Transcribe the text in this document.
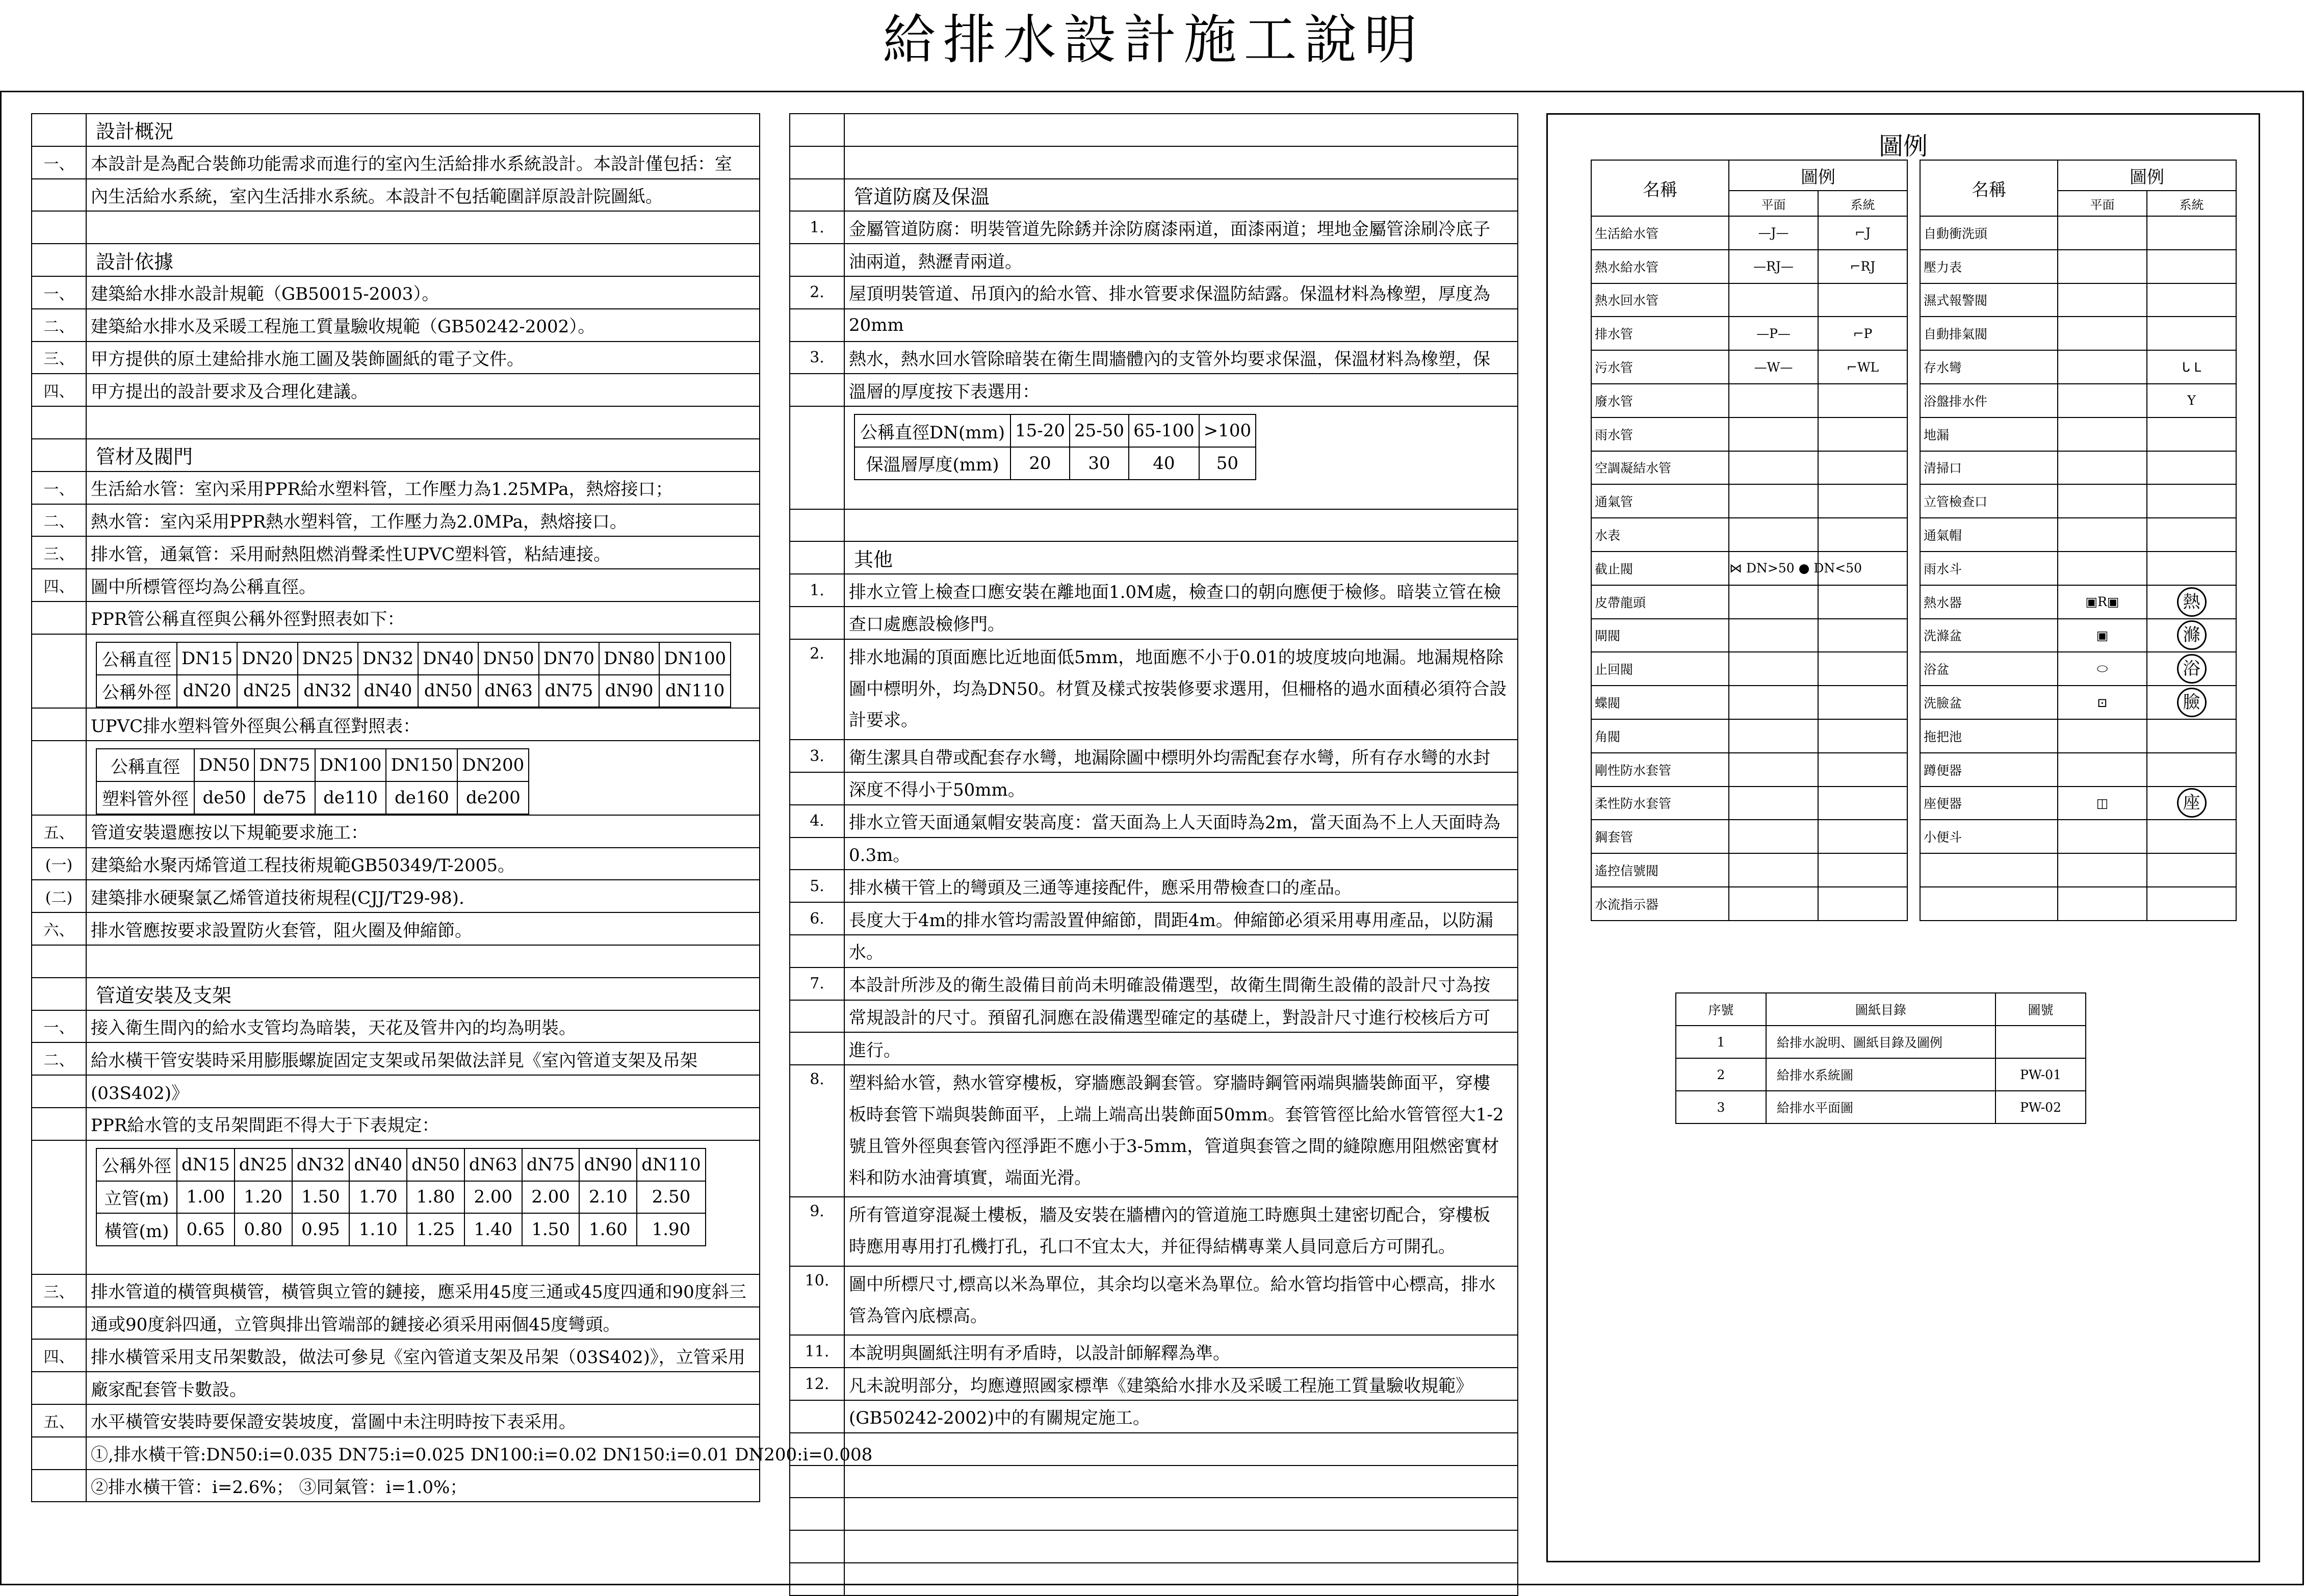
給排水設計施工說明
	設計概況
一、	本設計是為配合裝飾功能需求而進行的室內生活給排水系統設計。本設計僅包括：室
	內生活給水系統，室內生活排水系統。本設計不包括範圍詳原設計院圖紙。

	設計依據
一、	建築給水排水設計規範（GB50015-2003）。
二、	建築給水排水及采暖工程施工質量驗收規範（GB50242-2002）。
三、	甲方提供的原土建給排水施工圖及裝飾圖紙的電子文件。
四、	甲方提出的設計要求及合理化建議。

	管材及閥門
一、	生活給水管：室內采用PPR給水塑料管，工作壓力為1.25MPa，熱熔接口；
二、	熱水管：室內采用PPR熱水塑料管，工作壓力為2.0MPa，熱熔接口。
三、	排水管，通氣管：采用耐熱阻燃消聲柔性UPVC塑料管，粘結連接。
四、	圖中所標管徑均為公稱直徑。
	PPR管公稱直徑與公稱外徑對照表如下：

公稱直徑	DN15	DN20	DN25	DN32	DN40	DN50	DN70	DN80	DN100
公稱外徑	dN20	dN25	dN32	dN40	dN50	dN63	dN75	dN90	dN110

	UPVC排水塑料管外徑與公稱直徑對照表：

公稱直徑	DN50	DN75	DN100	DN150	DN200
塑料管外徑	de50	de75	de110	de160	de200

五、	管道安裝還應按以下規範要求施工：
(一)	建築給水聚丙烯管道工程技術規範GB50349/T-2005。
(二)	建築排水硬聚氯乙烯管道技術規程(CJJ/T29-98).
六、	排水管應按要求設置防火套管，阻火圈及伸縮節。

	管道安裝及支架
一、	接入衛生間內的給水支管均為暗裝，天花及管井內的均為明裝。
二、	給水橫干管安裝時采用膨脹螺旋固定支架或吊架做法詳見《室內管道支架及吊架
	(03S402)》
	PPR給水管的支吊架間距不得大于下表規定：

公稱外徑	dN15	dN25	dN32	dN40	dN50	dN63	dN75	dN90	dN110
立管(m)	1.00	1.20	1.50	1.70	1.80	2.00	2.00	2.10	2.50
橫管(m)	0.65	0.80	0.95	1.10	1.25	1.40	1.50	1.60	1.90

三、	排水管道的橫管與橫管，橫管與立管的鏈接，應采用45度三通或45度四通和90度斜三
	通或90度斜四通，立管與排出管端部的鏈接必須采用兩個45度彎頭。
四、	排水橫管采用支吊架數設，做法可參見《室內管道支架及吊架（03S402)》，立管采用
	廠家配套管卡數設。
五、	水平橫管安裝時要保證安裝坡度，當圖中未注明時按下表采用。
	①,排水橫干管:DN50:i=0.035 DN75:i=0.025 DN100:i=0.02 DN150:i=0.01 DN200:i=0.008
	②排水橫干管：i=2.6%； ③同氣管：i=1.0%；

	管道防腐及保溫
1.	金屬管道防腐：明裝管道先除銹并涂防腐漆兩道，面漆兩道；埋地金屬管涂刷冷底子
	油兩道，熱瀝青兩道。
2.	屋頂明裝管道、吊頂內的給水管、排水管要求保溫防結露。保溫材料為橡塑，厚度為
	20mm
3.	熱水，熱水回水管除暗裝在衛生間牆體內的支管外均要求保溫，保溫材料為橡塑，保
	溫層的厚度按下表選用：

公稱直徑DN(mm)	15-20	25-50	65-100	>100
保溫層厚度(mm)	20	30	40	50

	其他
1.	排水立管上檢查口應安裝在離地面1.0M處，檢查口的朝向應便于檢修。暗裝立管在檢
	查口處應設檢修門。
2.	排水地漏的頂面應比近地面低5mm，地面應不小于0.01的坡度坡向地漏。地漏規格除
圖中標明外，均為DN50。材質及樣式按裝修要求選用，但柵格的過水面積必須符合設
計要求。

3.	衛生潔具自帶或配套存水彎，地漏除圖中標明外均需配套存水彎，所有存水彎的水封
	深度不得小于50mm。
4.	排水立管天面通氣帽安裝高度：當天面為上人天面時為2m，當天面為不上人天面時為
	0.3m。
5.	排水橫干管上的彎頭及三通等連接配件，應采用帶檢查口的產品。
6.	長度大于4m的排水管均需設置伸縮節，間距4m。伸縮節必須采用專用產品，以防漏
	水。
7.	本設計所涉及的衛生設備目前尚未明確設備選型，故衛生間衛生設備的設計尺寸為按
	常規設計的尺寸。預留孔洞應在設備選型確定的基礎上，對設計尺寸進行校核后方可
	進行。
8.	塑料給水管，熱水管穿樓板，穿牆應設鋼套管。穿牆時鋼管兩端與牆裝飾面平，穿樓
板時套管下端與裝飾面平，上端上端高出裝飾面50mm。套管管徑比給水管管徑大1-2
號且管外徑與套管內徑淨距不應小于3-5mm，管道與套管之間的縫隙應用阻燃密實材
料和防水油膏填實，端面光滑。

9.	所有管道穿混凝土樓板，牆及安裝在牆槽內的管道施工時應與土建密切配合，穿樓板
時應用專用打孔機打孔，孔口不宜太大，并征得結構專業人員同意后方可開孔。

10.	圖中所標尺寸,標高以米為單位，其余均以毫米為單位。給水管均指管中心標高，排水
管為管內底標高。

11.	本說明與圖紙注明有矛盾時，以設計師解釋為準。
12.	凡未說明部分，均應遵照國家標準《建築給水排水及采暖工程施工質量驗收規範》
	(GB50242-2002)中的有關規定施工。

圖例
名稱	圖例	
	平面	系統
生活給水管	—J—	⌐J
熱水給水管	—RJ—	⌐RJ
熱水回水管		
排水管	—P—	⌐P
污水管	—W—	⌐WL
廢水管		
雨水管		
空調凝結水管		
通氣管		
水表		
截止閥	⋈ DN>50 ● DN<50	
皮帶龍頭		
閘閥		
止回閥		
蝶閥		
角閥		
剛性防水套管		
柔性防水套管		
鋼套管		
遙控信號閥		
水流指示器		
名稱	圖例	
	平面	系統
自動衝洗頭		
壓力表		
濕式報警閥		
自動排氣閥		
存水彎		ᒐ ᒪ
浴盤排水件		Y
地漏		
清掃口		
立管檢查口		
通氣帽		
雨水斗		
熱水器	▣R▣	熱
洗滌盆	▣	滌
浴盆	⬭	浴
洗臉盆	⊡	臉
拖把池		
蹲便器		
座便器	◫	座
小便斗		

序號	圖紙目錄	圖號
1	給排水說明、圖紙目錄及圖例	
2	給排水系統圖	PW-01
3	給排水平面圖	PW-02
